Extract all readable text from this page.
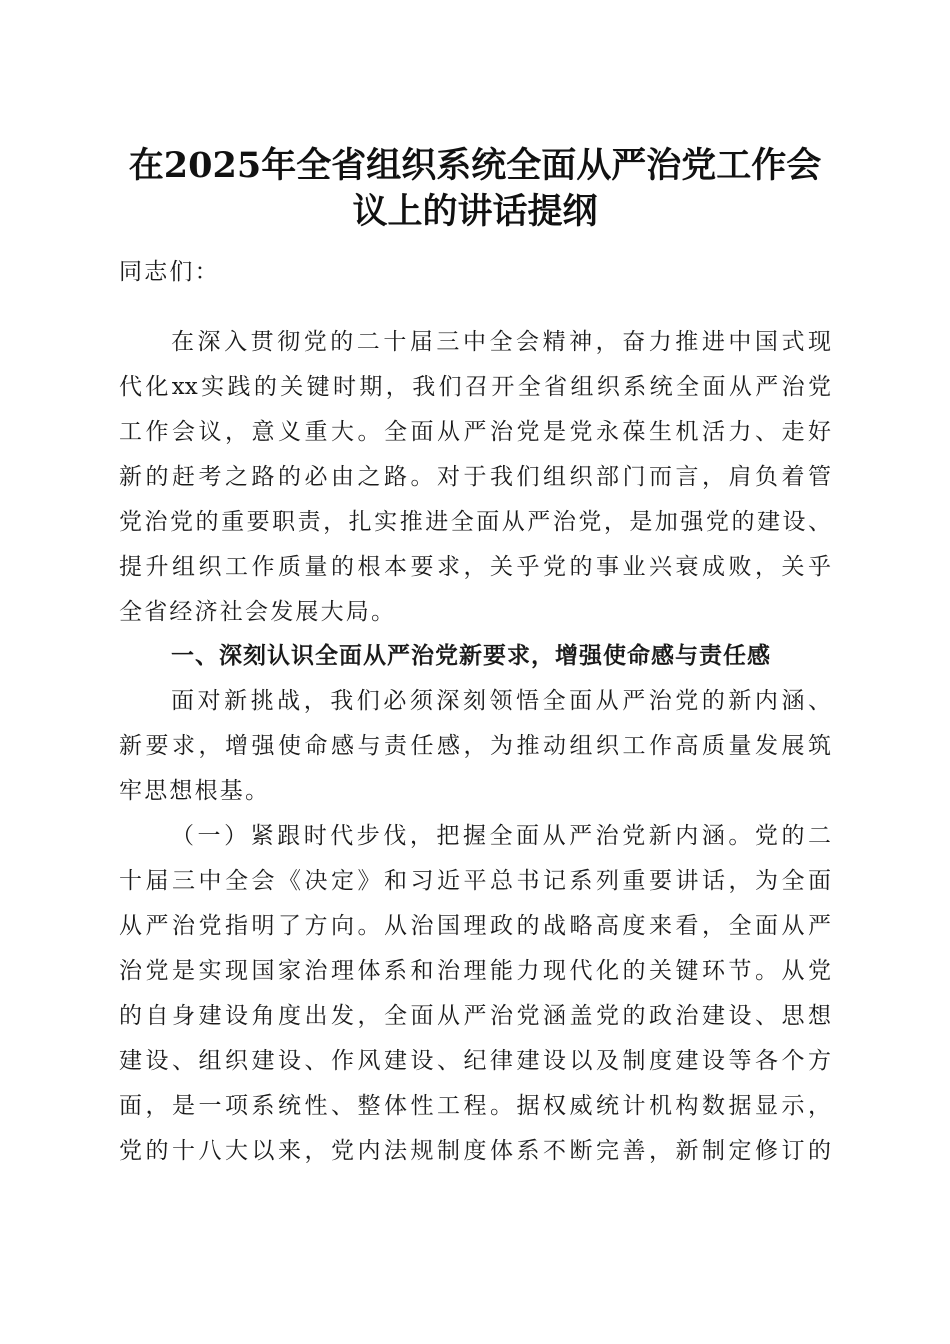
在2025年全省组织系统全面从严治党工作会
议上的讲话提纲
同志们：
在深入贯彻党的二十届三中全会精神，奋力推进中国式现
代化xx实践的关键时期，我们召开全省组织系统全面从严治党
工作会议，意义重大。全面从严治党是党永葆生机活力、走好
新的赶考之路的必由之路。对于我们组织部门而言，肩负着管
党治党的重要职责，扎实推进全面从严治党，是加强党的建设、
提升组织工作质量的根本要求，关乎党的事业兴衰成败，关乎
全省经济社会发展大局。
一、深刻认识全面从严治党新要求，增强使命感与责任感
面对新挑战，我们必须深刻领悟全面从严治党的新内涵、
新要求，增强使命感与责任感，为推动组织工作高质量发展筑
牢思想根基。
（一）紧跟时代步伐，把握全面从严治党新内涵。党的二
十届三中全会《决定》和习近平总书记系列重要讲话，为全面
从严治党指明了方向。从治国理政的战略高度来看，全面从严
治党是实现国家治理体系和治理能力现代化的关键环节。从党
的自身建设角度出发，全面从严治党涵盖党的政治建设、思想
建设、组织建设、作风建设、纪律建设以及制度建设等各个方
面，是一项系统性、整体性工程。据权威统计机构数据显示，
党的十八大以来，党内法规制度体系不断完善，新制定修订的
